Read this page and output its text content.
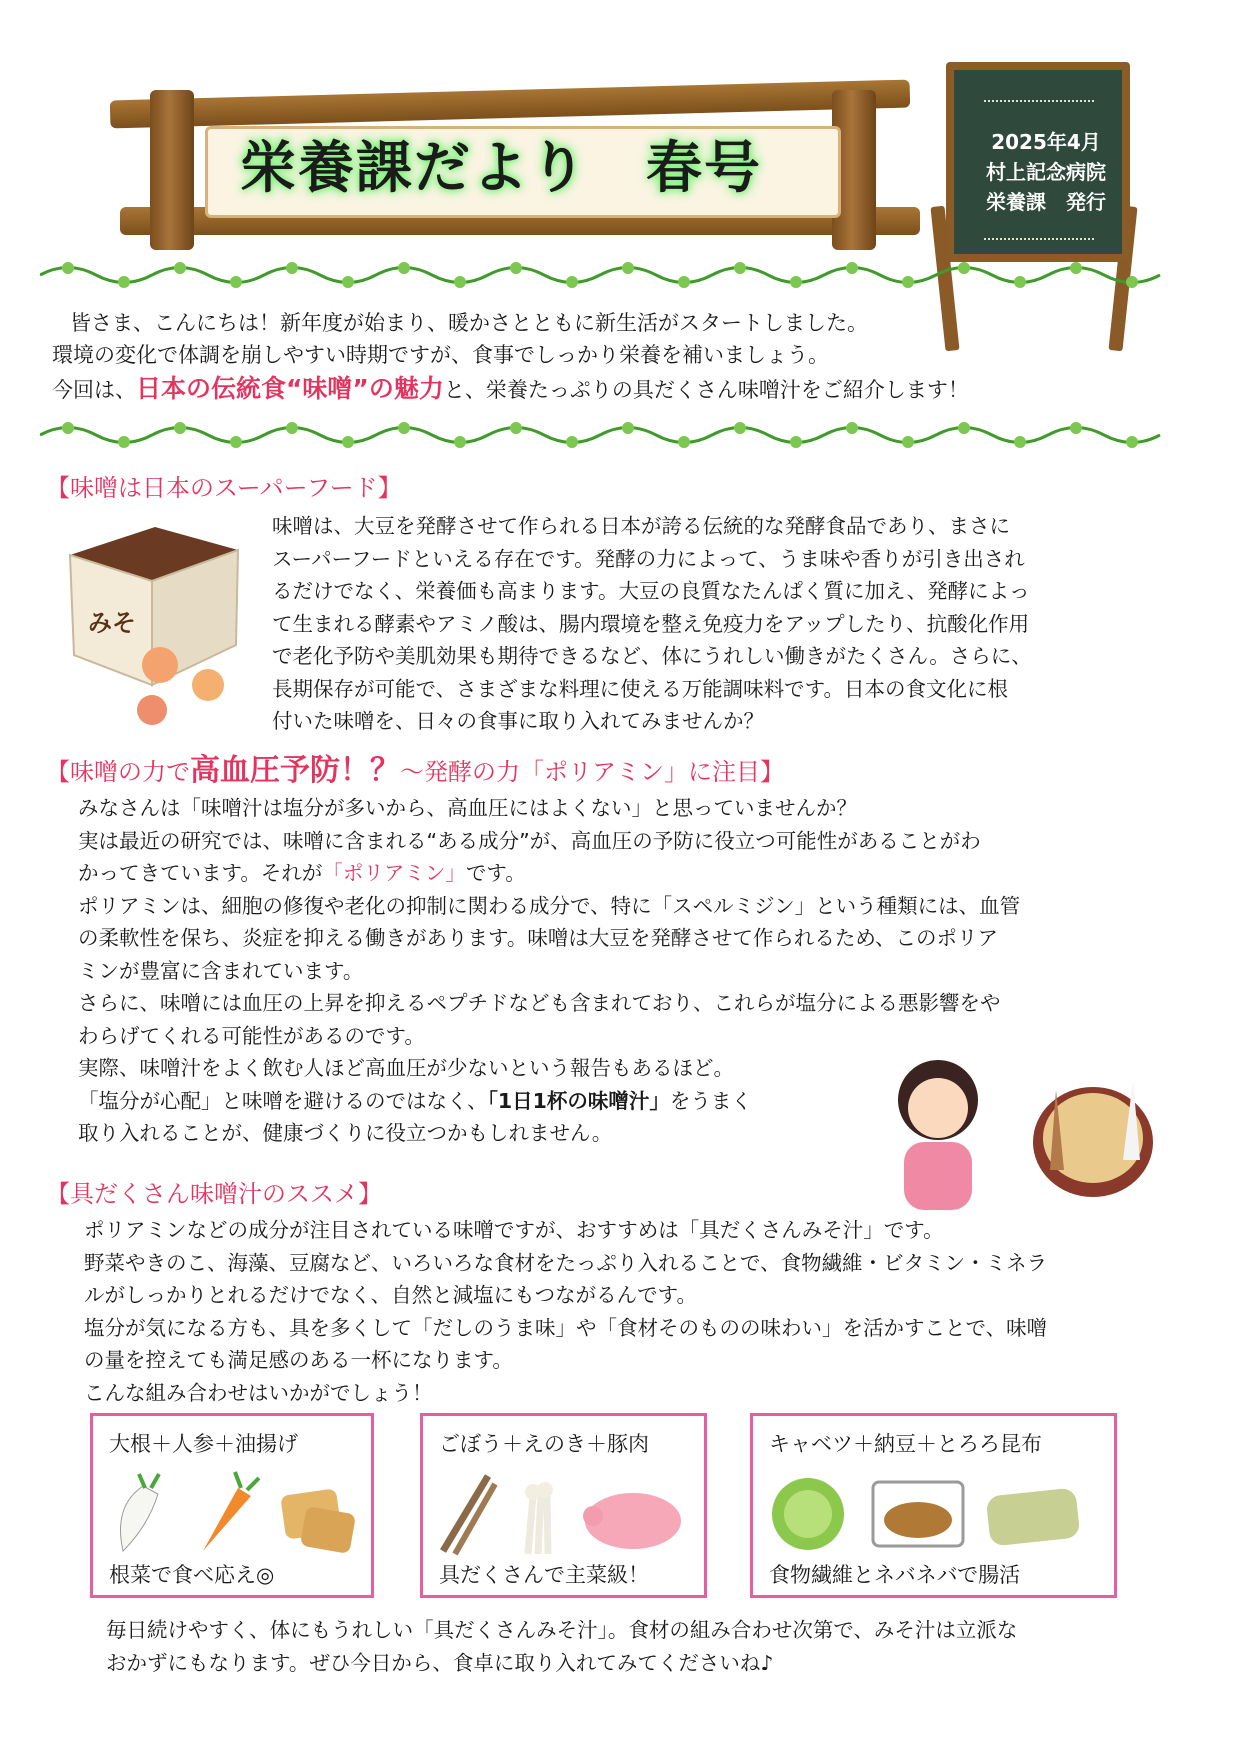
栄養課だより　春号	2025年4月
村上記念病院
栄養課　発行
皆さま、こんにちは！新年度が始まり、暖かさとともに新生活がスタートしました。
環境の変化で体調を崩しやすい時期ですが、食事でしっかり栄養を補いましょう。
今回は、日本の伝統食“味噌”の魅力と、栄養たっぷりの具だくさん味噌汁をご紹介します！
【味噌は日本のスーパーフード】
みそ
味噌は、大豆を発酵させて作られる日本が誇る伝統的な発酵食品であり、まさに
スーパーフードといえる存在です。発酵の力によって、うま味や香りが引き出され
るだけでなく、栄養価も高まります。大豆の良質なたんぱく質に加え、発酵によっ
て生まれる酵素やアミノ酸は、腸内環境を整え免疫力をアップしたり、抗酸化作用
で老化予防や美肌効果も期待できるなど、体にうれしい働きがたくさん。さらに、
長期保存が可能で、さまざまな料理に使える万能調味料です。日本の食文化に根
付いた味噌を、日々の食事に取り入れてみませんか？
【味噌の力で高血圧予防！？～発酵の力「ポリアミン」に注目】
みなさんは「味噌汁は塩分が多いから、高血圧にはよくない」と思っていませんか？
実は最近の研究では、味噌に含まれる“ある成分”が、高血圧の予防に役立つ可能性があることがわ
かってきています。それが「ポリアミン」です。
ポリアミンは、細胞の修復や老化の抑制に関わる成分で、特に「スペルミジン」という種類には、血管
の柔軟性を保ち、炎症を抑える働きがあります。味噌は大豆を発酵させて作られるため、このポリア
ミンが豊富に含まれています。
さらに、味噌には血圧の上昇を抑えるペプチドなども含まれており、これらが塩分による悪影響をや
わらげてくれる可能性があるのです。
実際、味噌汁をよく飲む人ほど高血圧が少ないという報告もあるほど。
「塩分が心配」と味噌を避けるのではなく、「1日1杯の味噌汁」をうまく
取り入れることが、健康づくりに役立つかもしれません。
【具だくさん味噌汁のススメ】
ポリアミンなどの成分が注目されている味噌ですが、おすすめは「具だくさんみそ汁」です。
野菜やきのこ、海藻、豆腐など、いろいろな食材をたっぷり入れることで、食物繊維・ビタミン・ミネラ
ルがしっかりとれるだけでなく、自然と減塩にもつながるんです。
塩分が気になる方も、具を多くして「だしのうま味」や「食材そのものの味わい」を活かすことで、味噌
の量を控えても満足感のある一杯になります。
こんな組み合わせはいかがでしょう！
大根＋人参＋油揚げ
根菜で食べ応え◎
ごぼう＋えのき＋豚肉
具だくさんで主菜級！
キャベツ＋納豆＋とろろ昆布
食物繊維とネバネバで腸活
毎日続けやすく、体にもうれしい「具だくさんみそ汁」。食材の組み合わせ次第で、みそ汁は立派な
おかずにもなります。ぜひ今日から、食卓に取り入れてみてくださいね♪
